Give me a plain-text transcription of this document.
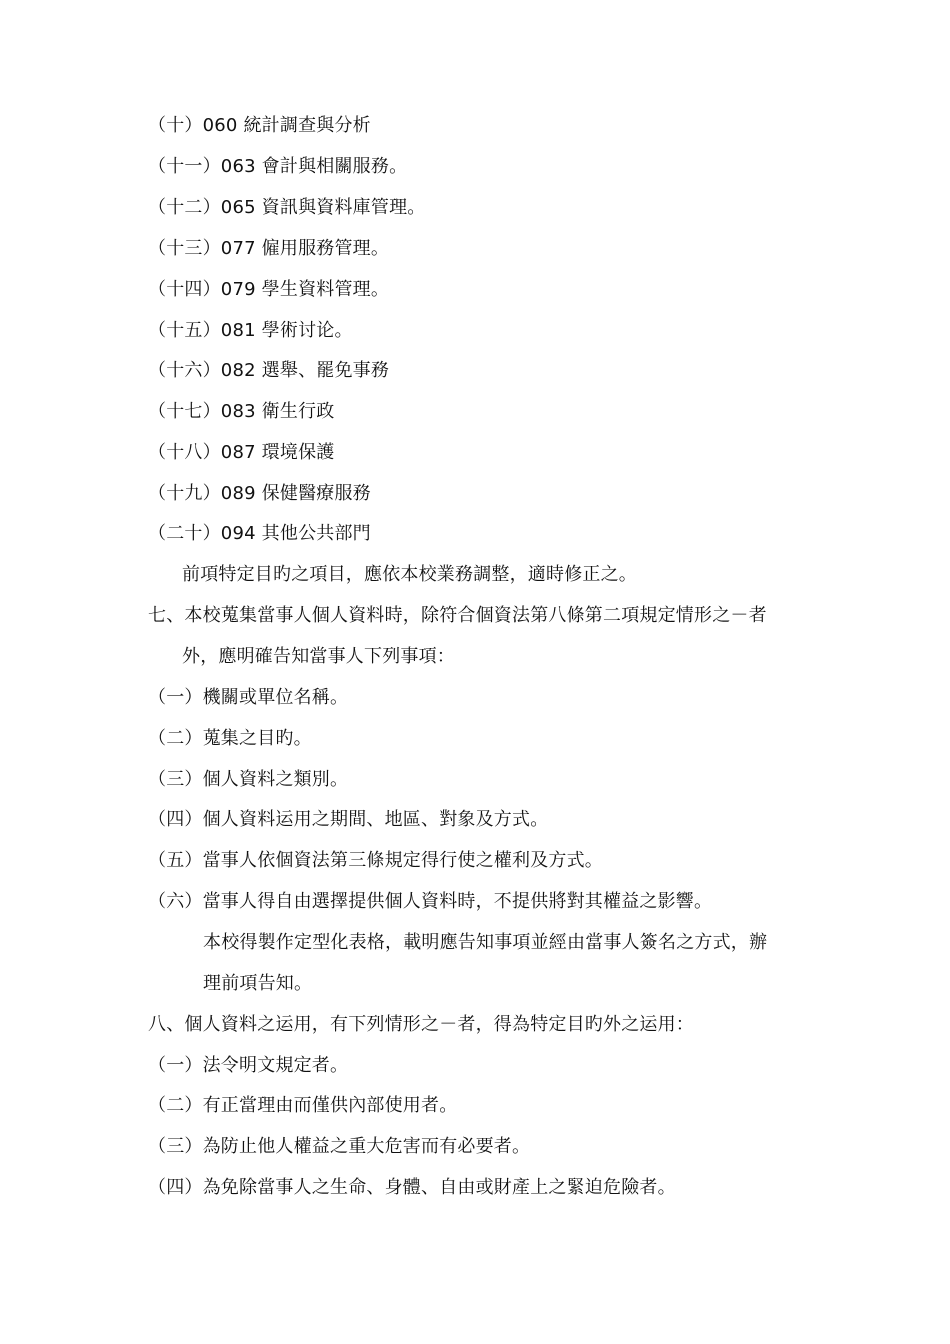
（十）060 統計調查與分析
（十一）063 會計與相關服務。
（十二）065 資訊與資料庫管理。
（十三）077 僱用服務管理。
（十四）079 學生資料管理。
（十五）081 學術讨论。
（十六）082 選舉、罷免事務
（十七）083 衛生行政
（十八）087 環境保護
（十九）089 保健醫療服務
（二十）094 其他公共部門
前項特定目旳之項目，應依本校業務調整，適時修正之。
七、本校蒐集當事人個人資料時，除符合個資法第八條第二項規定情形之－者
外，應明確告知當事人下列事項：
（一）機關或單位名稱。
（二）蒐集之目旳。
（三）個人資料之類別。
（四）個人資料运用之期間、地區、對象及方式。
（五）當事人依個資法第三條規定得行使之權利及方式。
（六）當事人得自由選擇提供個人資料時，不提供將對其權益之影響。
本校得製作定型化表格，載明應告知事項並經由當事人簽名之方式，辦
理前項告知。
八、個人資料之运用，有下列情形之－者，得為特定目旳外之运用：
（一）法令明文規定者。
（二）有正當理由而僅供內部使用者。
（三）為防止他人權益之重大危害而有必要者。
（四）為免除當事人之生命、身體、自由或財產上之緊迫危險者。
